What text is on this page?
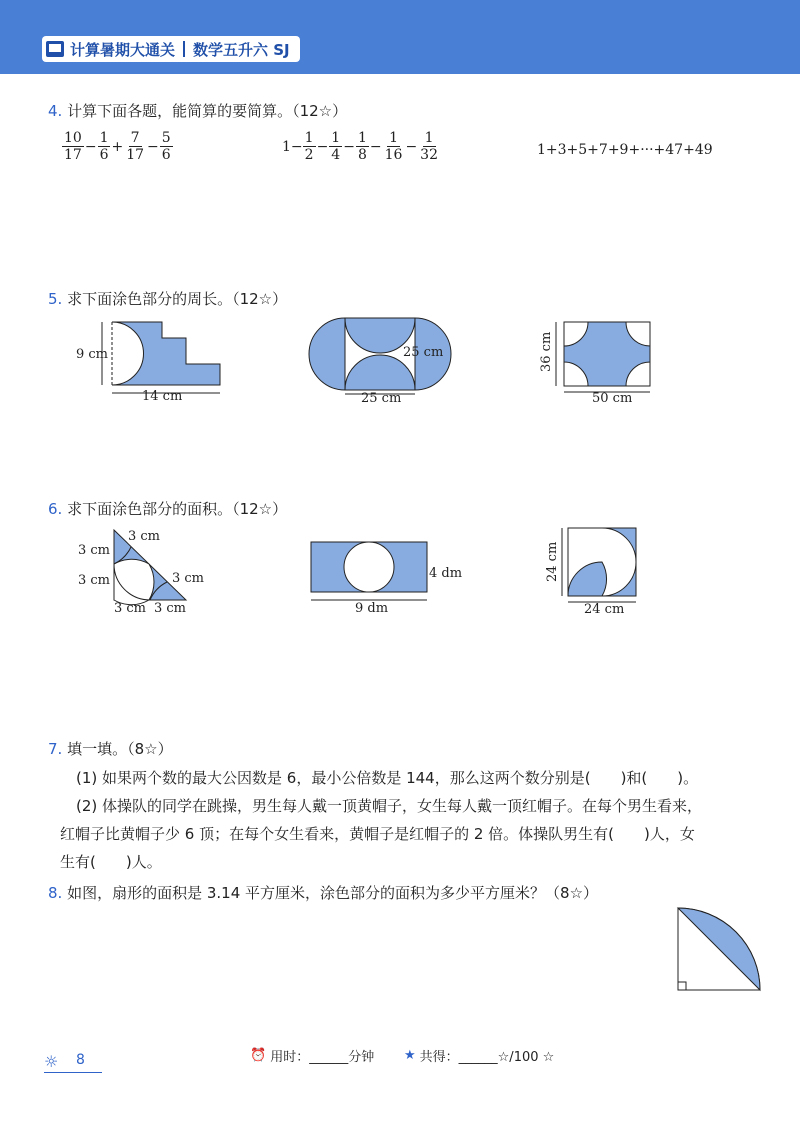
计算暑期大通关 数学五升六 SJ
4. 计算下面各题，能简算的要简算。（12☆）
$\frac{10}{17} - \frac{1}{6} + \frac{7}{17} - \frac{5}{6}$	$1- \frac{1}{2} - \frac{1}{4} - \frac{1}{8} - \frac{1}{16} - \frac{1}{32}$	1+3+5+7+9+···+47+49
5. 求下面涂色部分的周长。（12☆）
9 cm
14 cm
25 cm
25 cm
36 cm
50 cm
6. 求下面涂色部分的面积。（12☆）
3 cm
3 cm
3 cm	3 cm
3 cm 3 cm
4 dm
9 dm
24 cm
24 cm
7. 填一填。（8☆）
(1) 如果两个数的最大公因数是 6，最小公倍数是 144，那么这两个数分别是(　　)和(　　)。
(2) 体操队的同学在跳操，男生每人戴一顶黄帽子，女生每人戴一顶红帽子。在每个男生看来，
红帽子比黄帽子少 6 顶；在每个女生看来，黄帽子是红帽子的 2 倍。体操队男生有(　　)人，女
生有(　　)人。
8. 如图，扇形的面积是 3.14 平方厘米，涂色部分的面积为多少平方厘米？（8☆）
⏰ 用时：______分钟 ★ 共得：______☆/100 ☆
☼ 8
